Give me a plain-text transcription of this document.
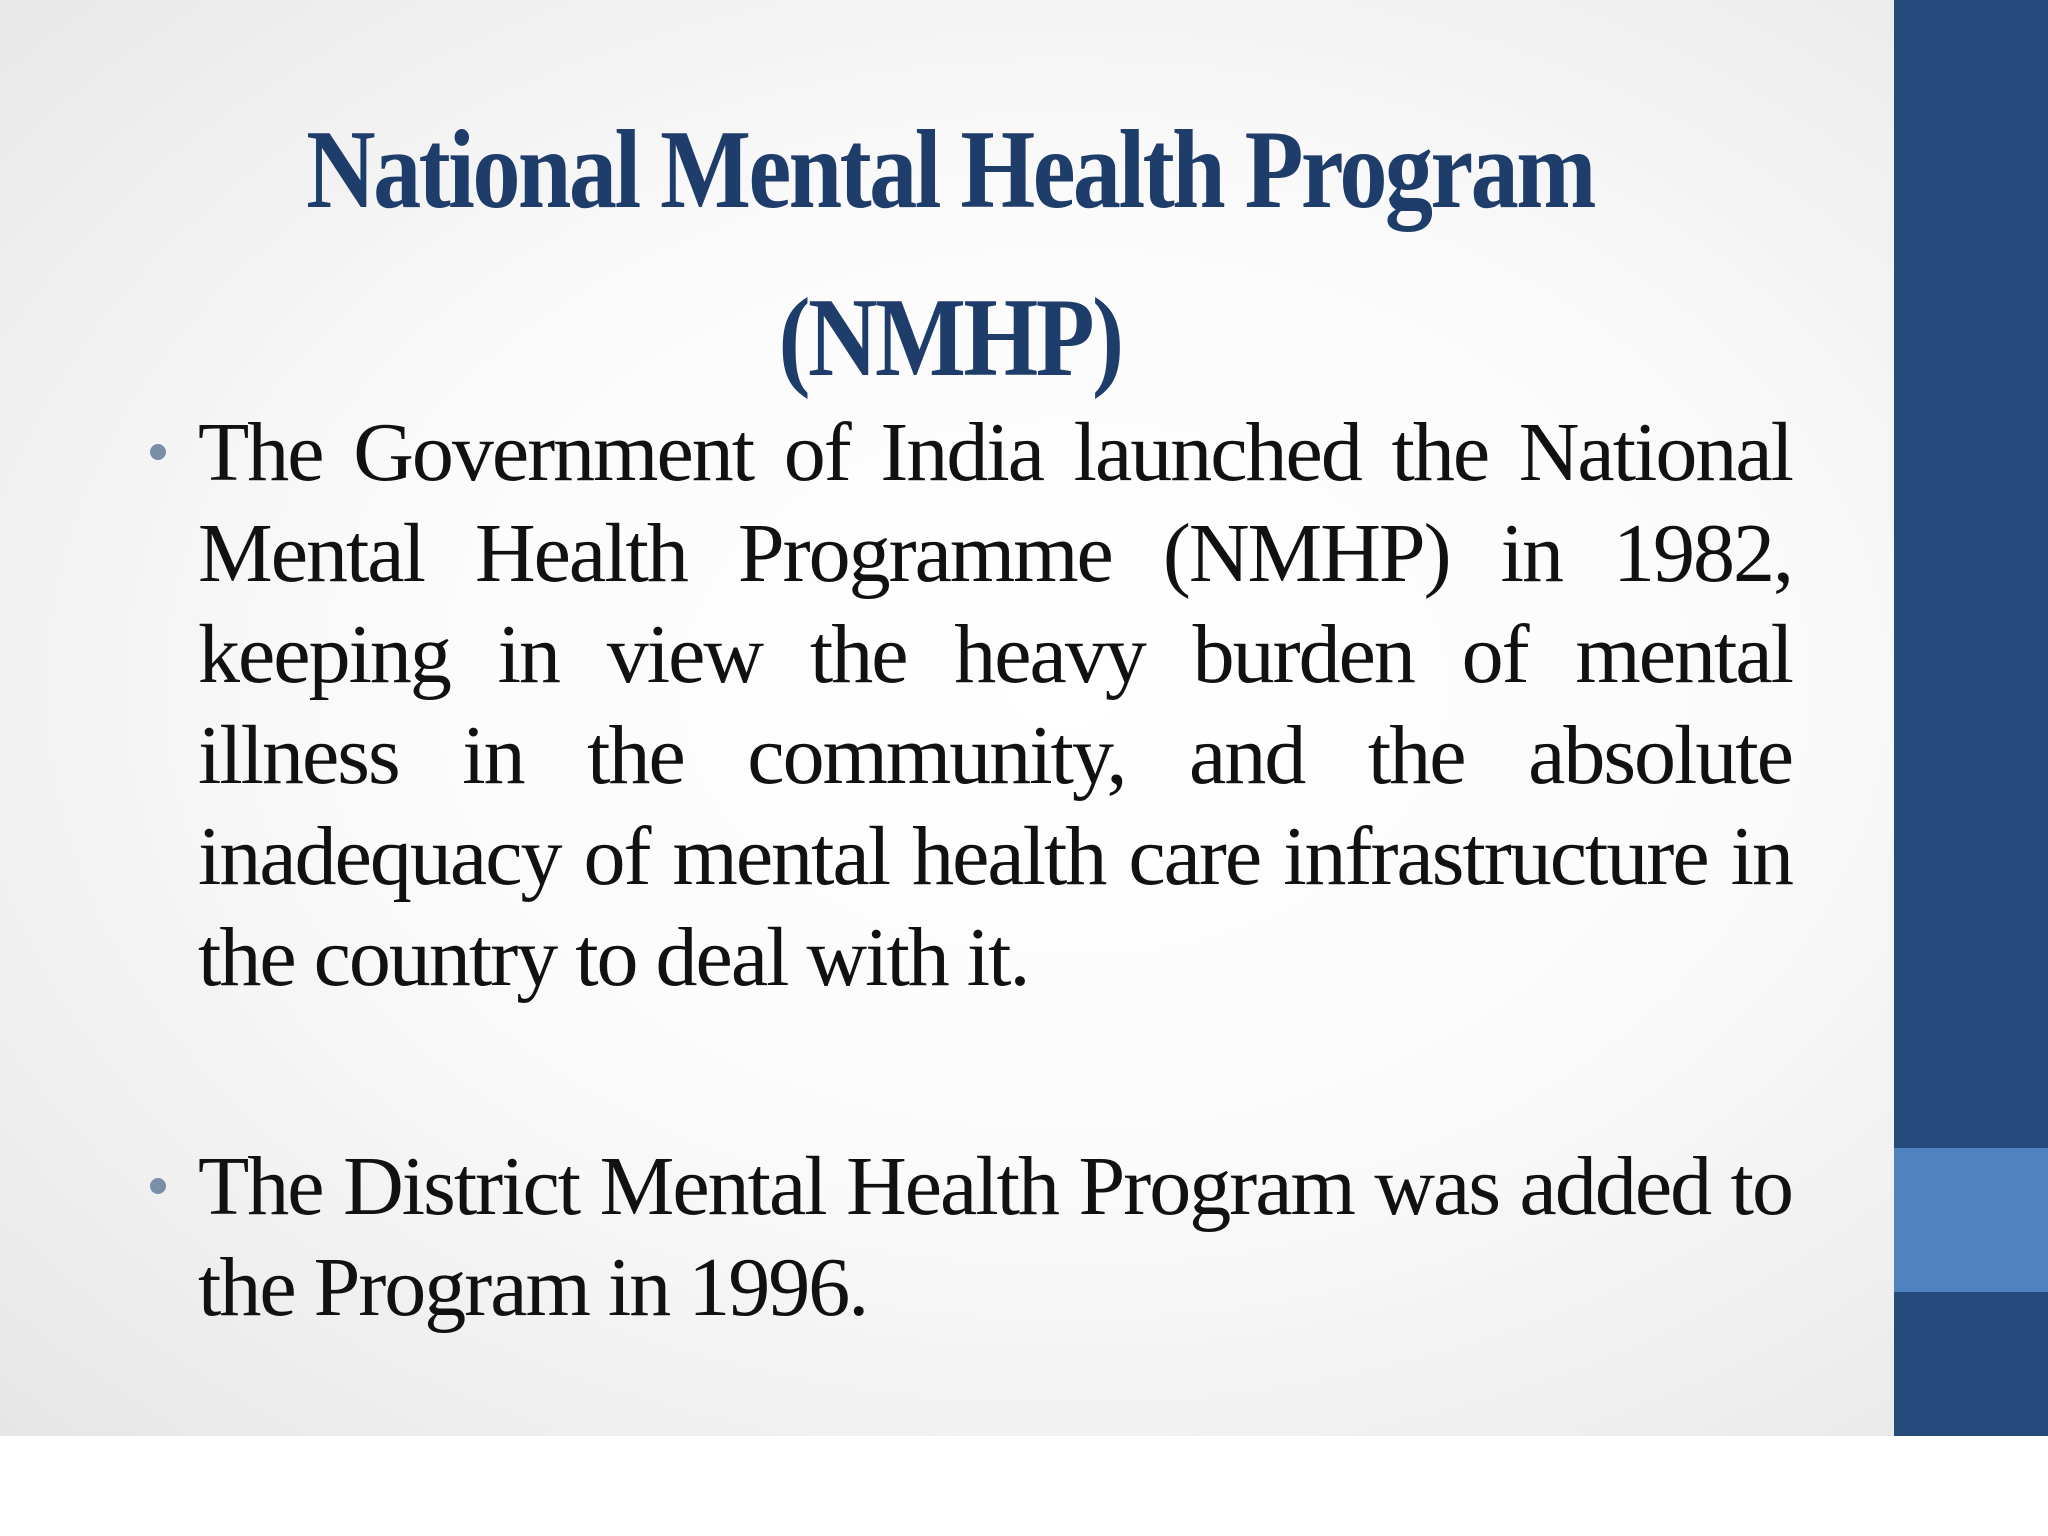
National Mental Health Program (NMHP)
The Government of India launched the National Mental Health Programme (NMHP) in 1982, keeping in view the heavy burden of mental illness in the community, and the absolute inadequacy of mental health care infrastructure in the country to deal with it.
The District Mental Health Program was added to the Program in 1996.
